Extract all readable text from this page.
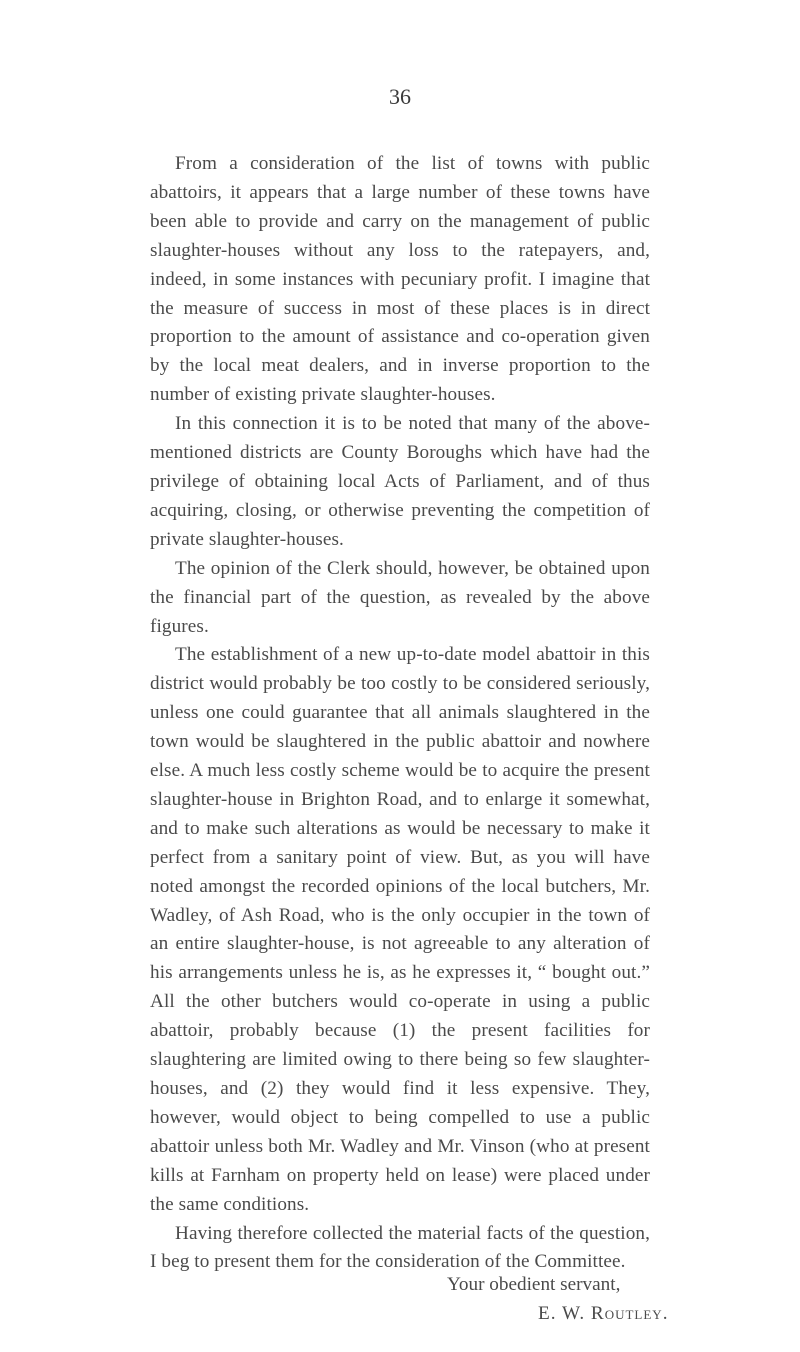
36

From a consideration of the list of towns with public abattoirs, it appears that a large number of these towns have been able to provide and carry on the management of public slaughter-houses without any loss to the ratepayers, and, indeed, in some instances with pecuniary profit. I imagine that the measure of success in most of these places is in direct proportion to the amount of assistance and co-operation given by the local meat dealers, and in inverse proportion to the number of existing private slaughter-houses.

In this connection it is to be noted that many of the above-mentioned districts are County Boroughs which have had the privilege of obtaining local Acts of Parliament, and of thus acquiring, closing, or otherwise preventing the competition of private slaughter-houses.

The opinion of the Clerk should, however, be obtained upon the financial part of the question, as revealed by the above figures.

The establishment of a new up-to-date model abattoir in this district would probably be too costly to be considered seriously, unless one could guarantee that all animals slaughtered in the town would be slaughtered in the public abattoir and nowhere else. A much less costly scheme would be to acquire the present slaughter-house in Brighton Road, and to enlarge it somewhat, and to make such alterations as would be necessary to make it perfect from a sanitary point of view. But, as you will have noted amongst the recorded opinions of the local butchers, Mr. Wadley, of Ash Road, who is the only occupier in the town of an entire slaughter-house, is not agreeable to any alteration of his arrangements unless he is, as he expresses it, “ bought out.” All the other butchers would co-operate in using a public abattoir, probably because (1) the present facilities for slaughtering are limited owing to there being so few slaughter-houses, and (2) they would find it less expensive. They, however, would object to being compelled to use a public abattoir unless both Mr. Wadley and Mr. Vinson (who at present kills at Farnham on property held on lease) were placed under the same conditions.

Having therefore collected the material facts of the question, I beg to present them for the consideration of the Committee.

Your obedient servant,
E. W. Routley.
